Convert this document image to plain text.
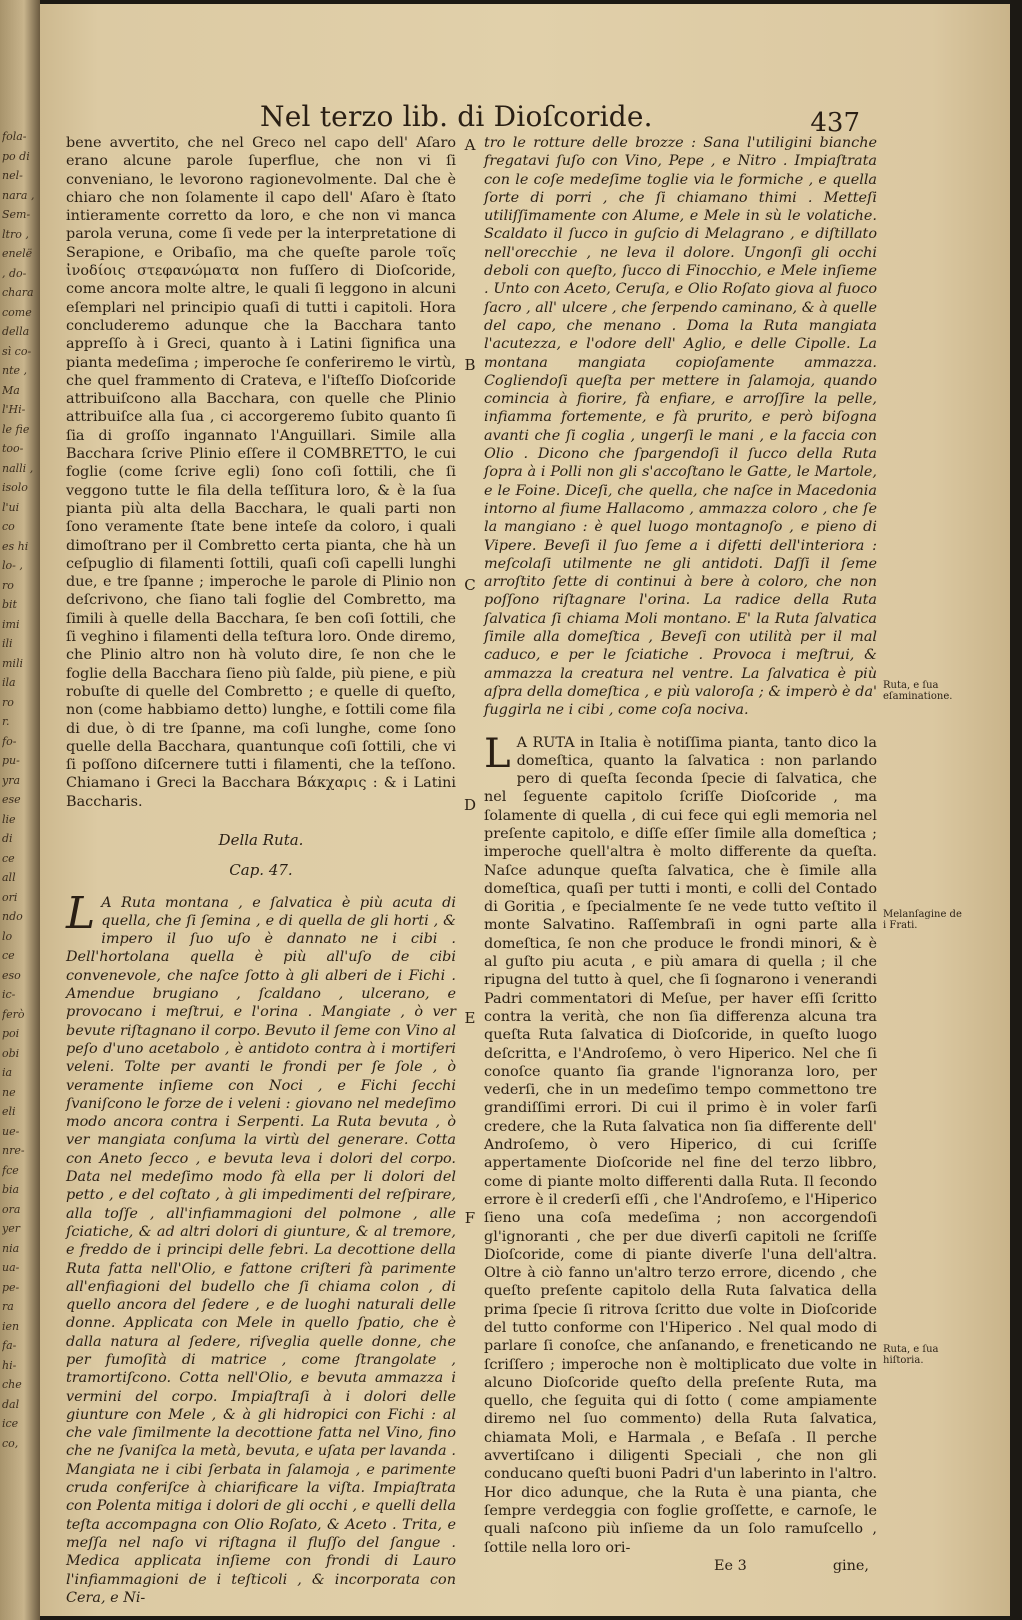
fola-
po di
nel-
nara ,
Sem-
ltro ,
enelë
, do-
chara
come
della
sì co-
nte ,
Ma
l'Hi-
le fie
too-
nalli ,
isolo
l'ui
co
es hi
lo- ,
ro
bit
imi
ili
mili
ila
ro
r.
fo-
pu-
yra
ese
lie
di
ce
all
ori
ndo
lo
ce
eso
ic-
ferò
poi
obi
ia
ne
eli
ue-
nre-
fce
bia
ora
yer
nia
ua-
pe-
ra
ien
fa-
hi-
che
dal
ice
co,
Nel terzo lib. di Dioſcoride.	437

bene avvertito, che nel Greco nel capo dell' Aſaro erano alcune parole ſuperflue, che non vi ſi conveniano, le levorono ragionevolmente. Dal che è chiaro che non ſolamente il capo dell' Aſaro è ſtato intieramente corretto da loro, e che non vi manca parola veruna, come ſi vede per la interpretatione di Serapione, e Oribaſio, ma che queſte parole τοῖς ἰνοδίοις στεφανώματα non fuſſero di Dioſcoride, come ancora molte altre, le quali ſi leggono in alcuni eſemplari nel principio quaſi di tutti i capitoli. Hora concluderemo adunque che la Bacchara tanto appreſſo à i Greci, quanto à i Latini ſignifica una pianta medeſima ; imperoche ſe conferiremo le virtù, che quel frammento di Crateva, e l'iſteſſo Dioſcoride attribuiſcono alla Bacchara, con quelle che Plinio attribuiſce alla ſua , ci accorgeremo ſubito quanto ſi ſia di groſſo ingannato l'Anguillari. Simile alla Bacchara ſcrive Plinio eſſere il COMBRETTO, le cui foglie (come ſcrive egli) ſono coſi ſottili, che ſi veggono tutte le fila della teſſitura loro, & è la ſua pianta più alta della Bacchara, le quali parti non ſono veramente ſtate bene inteſe da coloro, i quali dimoſtrano per il Combretto certa pianta, che hà un ceſpuglio di filamenti ſottili, quaſi coſi capelli lunghi due, e tre ſpanne ; imperoche le parole di Plinio non deſcrivono, che ſiano tali foglie del Combretto, ma ſimili à quelle della Bacchara, ſe ben coſi ſottili, che ſi veghino i filamenti della teſtura loro. Onde diremo, che Plinio altro non hà voluto dire, ſe non che le foglie della Bacchara ſieno più ſalde, più piene, e più robuſte di quelle del Combretto ; e quelle di queſto, non (come habbiamo detto) lunghe, e ſottili come fila di due, ò di tre ſpanne, ma coſi lunghe, come ſono quelle della Bacchara, quantunque coſi ſottili, che vi ſi poſſono diſcernere tutti i filamenti, che la teſſono. Chiamano i Greci la Bacchara Βάκχαρις : & i Latini Baccharis.

Della Ruta.

Cap. 47.

L A Ruta montana , e ſalvatica è più acuta di quella, che ſi ſemina , e di quella de gli horti , & impero il ſuo uſo è dannato ne i cibi . Dell'hortolana quella è più all'uſo de cibi convenevole, che naſce ſotto à gli alberi de i Fichi . Amendue brugiano , ſcaldano , ulcerano, e provocano i meſtrui, e l'orina . Mangiate , ò ver bevute riſtagnano il corpo. Bevuto il ſeme con Vino al peſo d'uno acetabolo , è antidoto contra à i mortiferi veleni. Tolte per avanti le frondi per ſe ſole , ò veramente inſieme con Noci , e Fichi ſecchi ſvaniſcono le forze de i veleni : giovano nel medeſimo modo ancora contra i Serpenti. La Ruta bevuta , ò ver mangiata conſuma la virtù del generare. Cotta con Aneto ſecco , e bevuta leva i dolori del corpo. Data nel medeſimo modo fà ella per li dolori del petto , e del coſtato , à gli impedimenti del reſpirare, alla toſſe , all'infiammagioni del polmone , alle ſciatiche, & ad altri dolori di giunture, & al tremore, e freddo de i principi delle febri. La decottione della Ruta fatta nell'Olio, e fattone criſteri fà parimente all'enfiagioni del budello che ſi chiama colon , di quello ancora del ſedere , e de luoghi naturali delle donne. Applicata con Mele in quello ſpatio, che è dalla natura al ſedere, riſveglia quelle donne, che per fumoſità di matrice , come ſtrangolate , tramortiſcono. Cotta nell'Olio, e bevuta ammazza i vermini del corpo. Impiaſtraſi à i dolori delle giunture con Mele , & à gli hidropici con Fichi : al che vale ſimilmente la decottione fatta nel Vino, fino che ne ſvaniſca la metà, bevuta, e uſata per lavanda . Mangiata ne i cibi ſerbata in ſalamoja , e parimente cruda conferiſce à chiarificare la viſta. Impiaſtrata con Polenta mitiga i dolori de gli occhi , e quelli della teſta accompagna con Olio Roſato, & Aceto . Trita, e meſſa nel naſo vi riſtagna il fluſſo del ſangue . Medica applicata inſieme con frondi di Lauro l'infiammagioni de i teſticoli , & incorporata con Cera, e Ni-

tro le rotture delle brozze : Sana l'utiligini bianche fregatavi ſuſo con Vino, Pepe , e Nitro . Impiaſtrata con le coſe medeſime toglie via le formiche , e quella ſorte di porri , che ſi chiamano thimi . Metteſi utiliſſimamente con Alume, e Mele in sù le volatiche. Scaldato il ſucco in guſcio di Melagrano , e diſtillato nell'orecchie , ne leva il dolore. Ungonſi gli occhi deboli con queſto, ſucco di Finocchio, e Mele inſieme . Unto con Aceto, Ceruſa, e Olio Roſato giova al fuoco ſacro , all' ulcere , che ſerpendo caminano, & à quelle del capo, che menano . Doma la Ruta mangiata l'acutezza, e l'odore dell' Aglio, e delle Cipolle. La montana mangiata copioſamente ammazza. Cogliendoſi queſta per mettere in ſalamoja, quando comincia à fiorire, fà enfiare, e arroſſire la pelle, infiamma fortemente, e fà prurito, e però biſogna avanti che ſi coglia , ungerſi le mani , e la faccia con Olio . Dicono che ſpargendoſi il ſucco della Ruta ſopra à i Polli non gli s'accoſtano le Gatte, le Martole, e le Foine. Diceſi, che quella, che naſce in Macedonia intorno al fiume Hallacomo , ammazza coloro , che ſe la mangiano : è quel luogo montagnoſo , e pieno di Vipere. Beveſi il ſuo ſeme a i difetti dell'interiora : meſcolaſi utilmente ne gli antidoti. Daſſi il ſeme arroſtito ſette di continui à bere à coloro, che non poſſono riſtagnare l'orina. La radice della Ruta ſalvatica ſi chiama Moli montano. E' la Ruta ſalvatica ſimile alla domeſtica , Beveſi con utilità per il mal caduco, e per le ſciatiche . Provoca i meſtrui, & ammazza la creatura nel ventre. La ſalvatica è più aſpra della domeſtica , e più valoroſa ; & imperò è da' fuggirla ne i cibi , come coſa nociva.

L A RUTA in Italia è notiſſima pianta, tanto dico la domeſtica, quanto la ſalvatica : non parlando pero di queſta ſeconda ſpecie di ſalvatica, che nel ſeguente capitolo ſcriſſe Dioſcoride , ma ſolamente di quella , di cui fece qui egli memoria nel preſente capitolo, e diſſe eſſer ſimile alla domeſtica ; imperoche quell'altra è molto differente da queſta. Naſce adunque queſta ſalvatica, che è ſimile alla domeſtica, quaſi per tutti i monti, e colli del Contado di Goritia , e ſpecialmente ſe ne vede tutto veſtito il monte Salvatino. Raſſembraſi in ogni parte alla domeſtica, ſe non che produce le frondi minori, & è al guſto piu acuta , e più amara di quella ; il che ripugna del tutto à quel, che ſi ſognarono i venerandi Padri commentatori di Meſue, per haver eſſi ſcritto contra la verità, che non ſia differenza alcuna tra queſta Ruta ſalvatica di Dioſcoride, in queſto luogo deſcritta, e l'Androſemo, ò vero Hiperico. Nel che ſi conoſce quanto ſia grande l'ignoranza loro, per vederſi, che in un medeſimo tempo commettono tre grandiſſimi errori. Di cui il primo è in voler farſi credere, che la Ruta ſalvatica non ſia differente dell' Androſemo, ò vero Hiperico, di cui ſcriſſe appertamente Dioſcoride nel fine del terzo libbro, come di piante molto differenti dalla Ruta. Il ſecondo errore è il crederſi eſſi , che l'Androſemo, e l'Hiperico ſieno una coſa medeſima ; non accorgendoſi gl'ignoranti , che per due diverſi capitoli ne ſcriſſe Dioſcoride, come di piante diverſe l'una dell'altra. Oltre à ciò fanno un'altro terzo errore, dicendo , che queſto preſente capitolo della Ruta ſalvatica della prima ſpecie ſi ritrova ſcritto due volte in Dioſcoride del tutto conforme con l'Hiperico . Nel qual modo di parlare ſi conoſce, che anſanando, e freneticando ne ſcriſſero ; imperoche non è moltiplicato due volte in alcuno Dioſcoride queſto della preſente Ruta, ma quello, che ſeguita qui di ſotto ( come ampiamente diremo nel ſuo commento) della Ruta ſalvatica, chiamata Moli, e Harmala , e Beſaſa . Il perche avvertiſcano i diligenti Speciali , che non gli conducano queſti buoni Padri d'un laberinto in l'altro. Hor dico adunque, che la Ruta è una pianta, che ſempre verdeggia con foglie groſſette, e carnoſe, le quali naſcono più inſieme da un ſolo ramuſcello , ſottile nella loro ori-

Ee 3	gine,
A
B
C
D
E
F
Ruta, e ſua eſaminatione.
Melanſagine de i Frati.
Ruta, e ſua hiſtoria.
